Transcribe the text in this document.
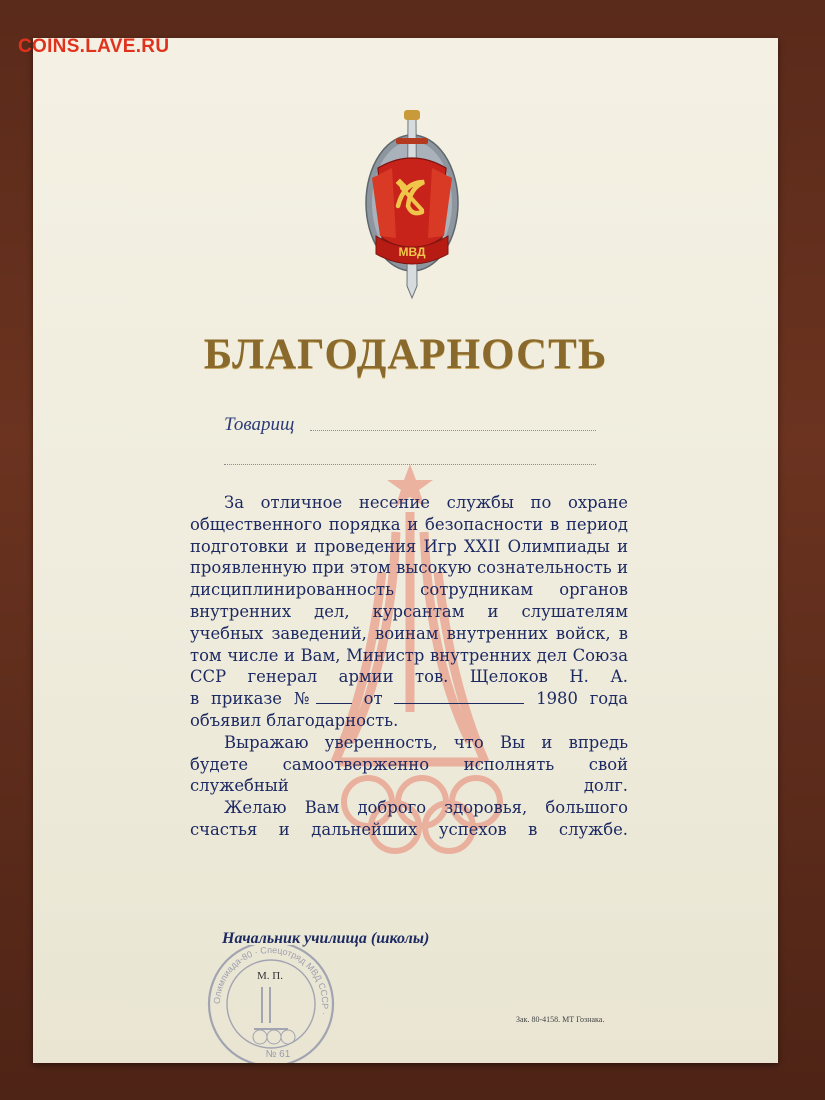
COINS.LAVE.RU
МВД
БЛАГОДАРНОСТЬ
Товарищ

За отличное несение службы по охране общественного порядка и безопасности в период подготовки и проведения Игр XXII Олимпиады и проявленную при этом высокую сознательность и дисциплинированность сотрудникам органов внутренних дел, курсантам и слушателям учебных заведений, воинам внутренних войск, в том числе и Вам, Министр внутренних дел Союза ССР генерал армии тов. Щелоков Н. А.

в приказе №	от	1980 года

объявил благодарность.

Выражаю уверенность, что Вы и впредь будете самоотверженно исполнять свой служебный долг.

Желаю Вам доброго здоровья, большого счастья и дальнейших успехов в службе.

Начальник училища (школы)
Олимпиада-80 · Спецотряд МВД СССР ·
№ 61
М. П.
Зак. 80-4158. МТ Гознака.
